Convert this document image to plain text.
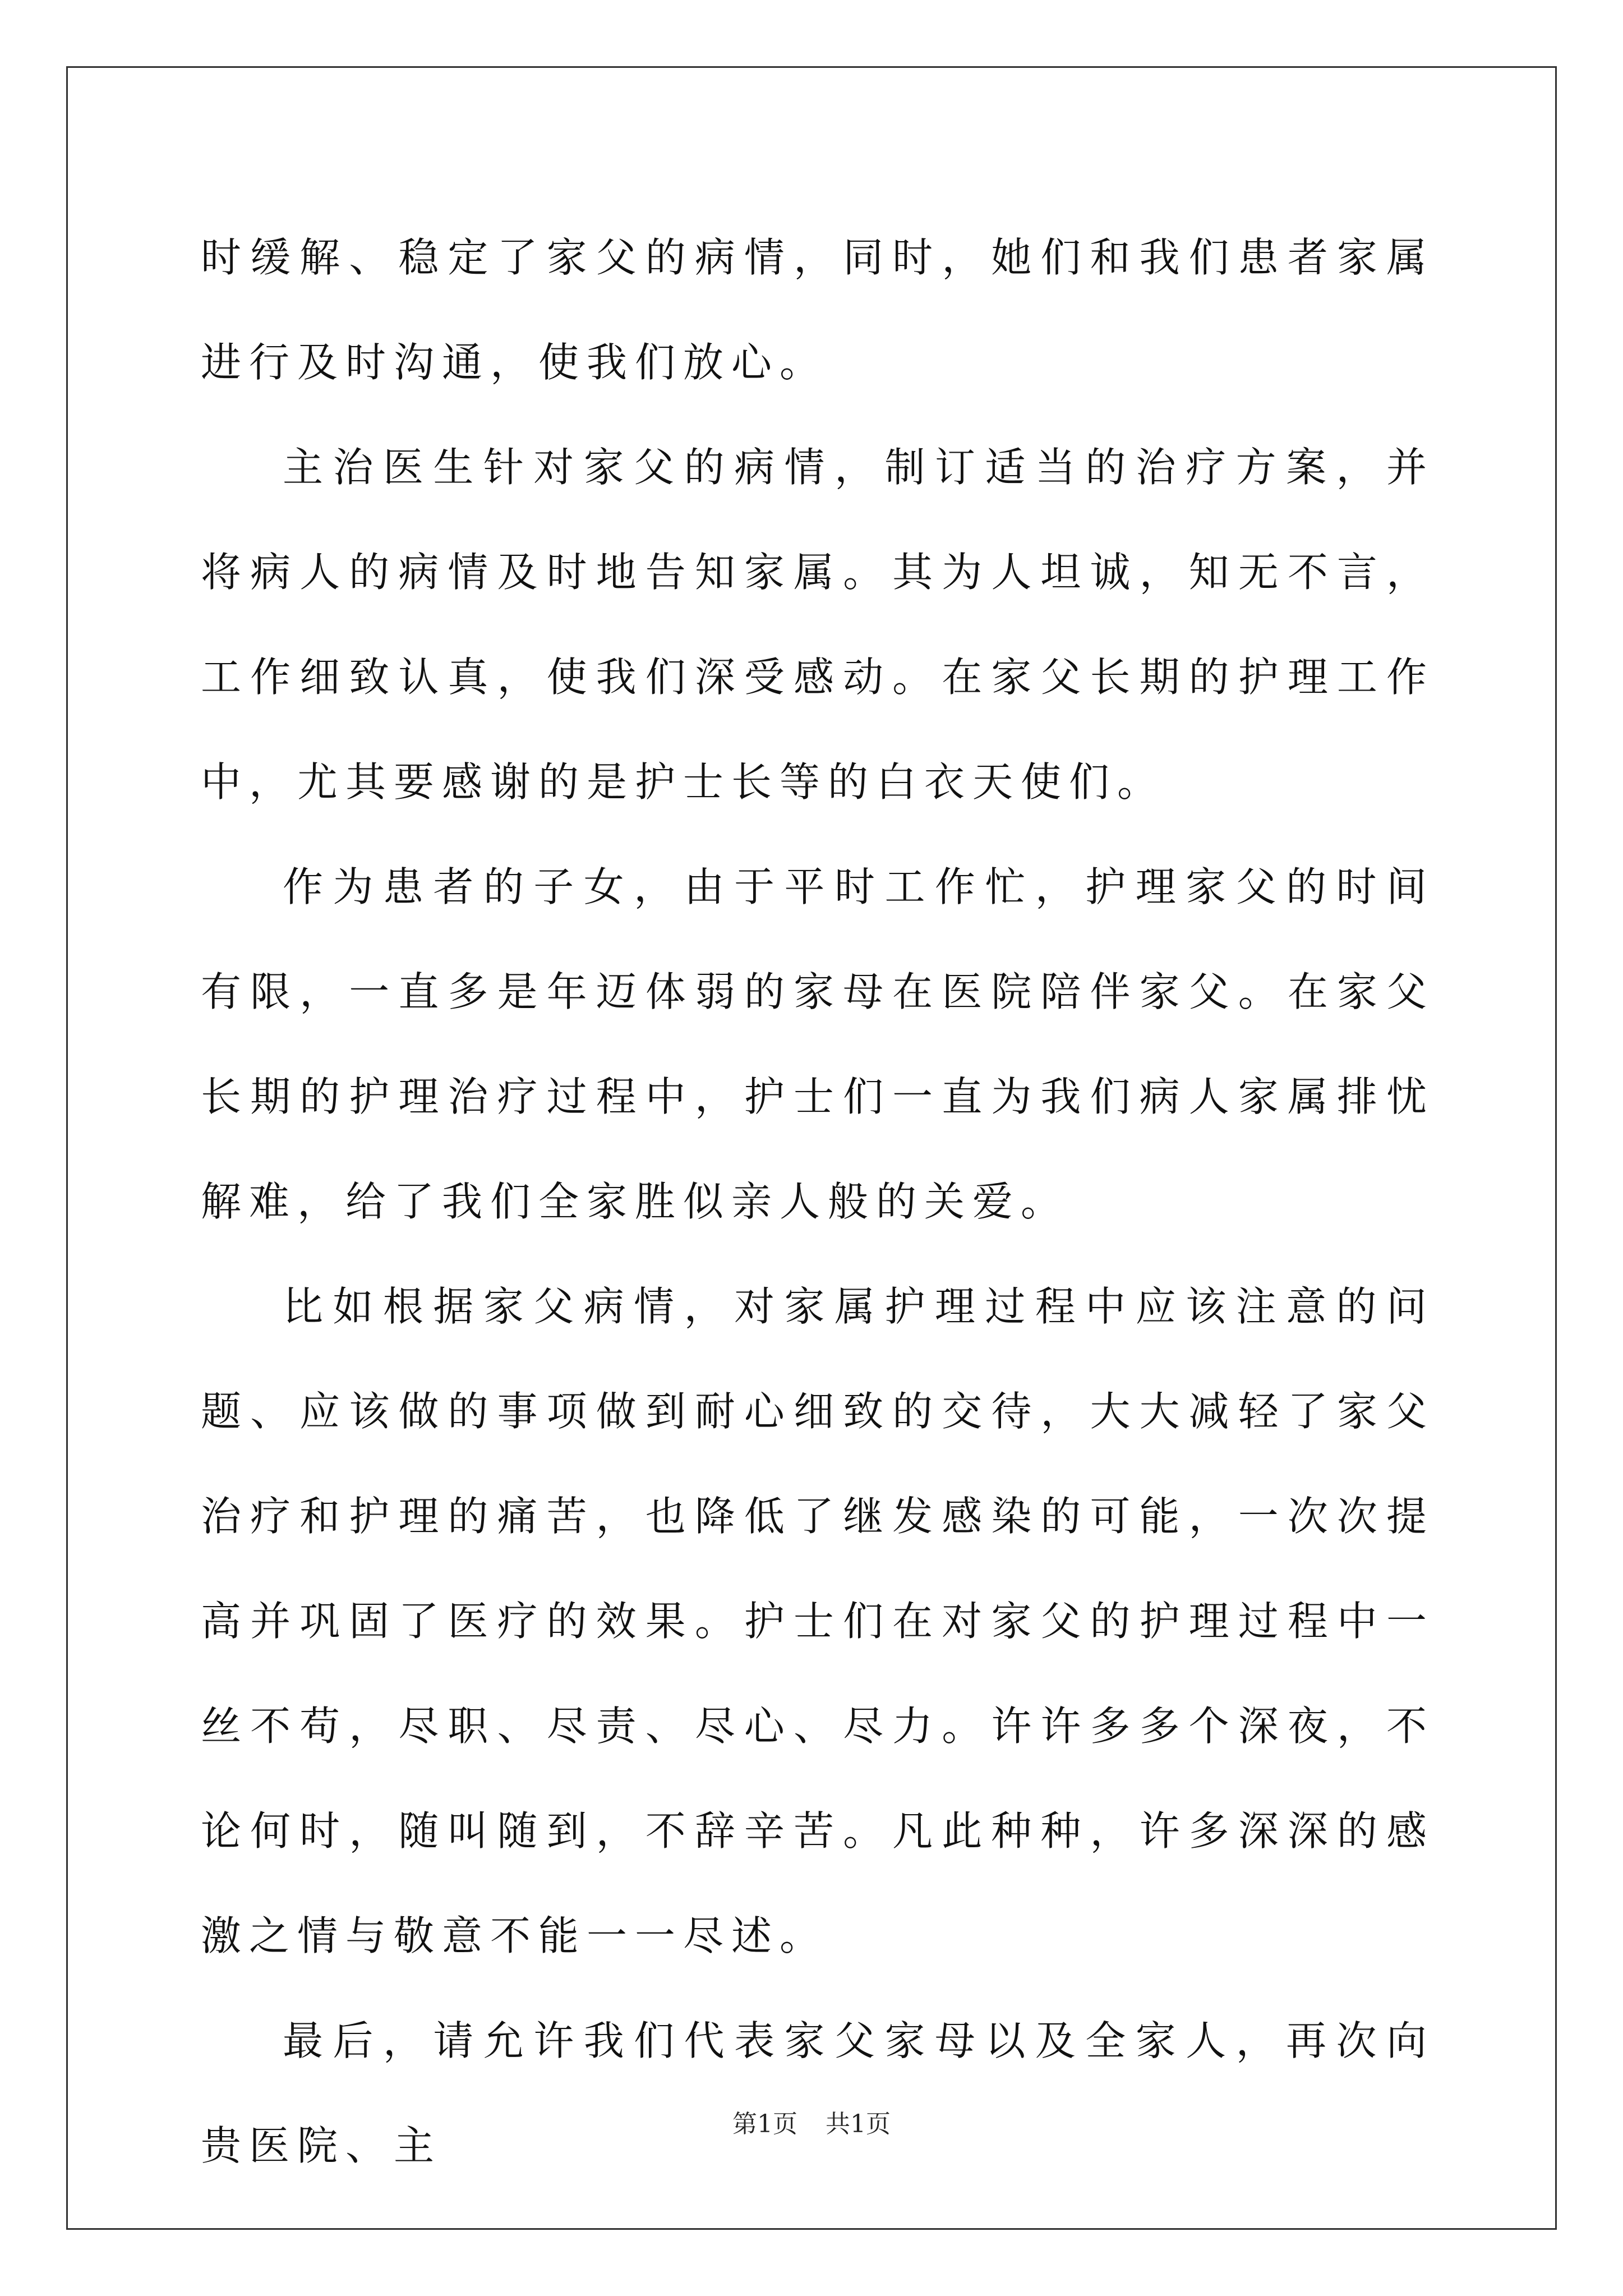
时缓解、稳定了家父的病情，同时，她们和我们患者家属进行及时沟通，使我们放心。

主治医生针对家父的病情，制订适当的治疗方案，并将病人的病情及时地告知家属。其为人坦诚，知无不言，工作细致认真，使我们深受感动。在家父长期的护理工作中，尤其要感谢的是护士长等的白衣天使们。

作为患者的子女，由于平时工作忙，护理家父的时间有限，一直多是年迈体弱的家母在医院陪伴家父。在家父长期的护理治疗过程中，护士们一直为我们病人家属排忧解难，给了我们全家胜似亲人般的关爱。

比如根据家父病情，对家属护理过程中应该注意的问题、应该做的事项做到耐心细致的交待，大大减轻了家父治疗和护理的痛苦，也降低了继发感染的可能，一次次提高并巩固了医疗的效果。护士们在对家父的护理过程中一丝不苟，尽职、尽责、尽心、尽力。许许多多个深夜，不论何时，随叫随到，不辞辛苦。凡此种种，许多深深的感激之情与敬意不能一一尽述。

最后，请允许我们代表家父家母以及全家人，再次向贵医院、主	第1页 共1页
